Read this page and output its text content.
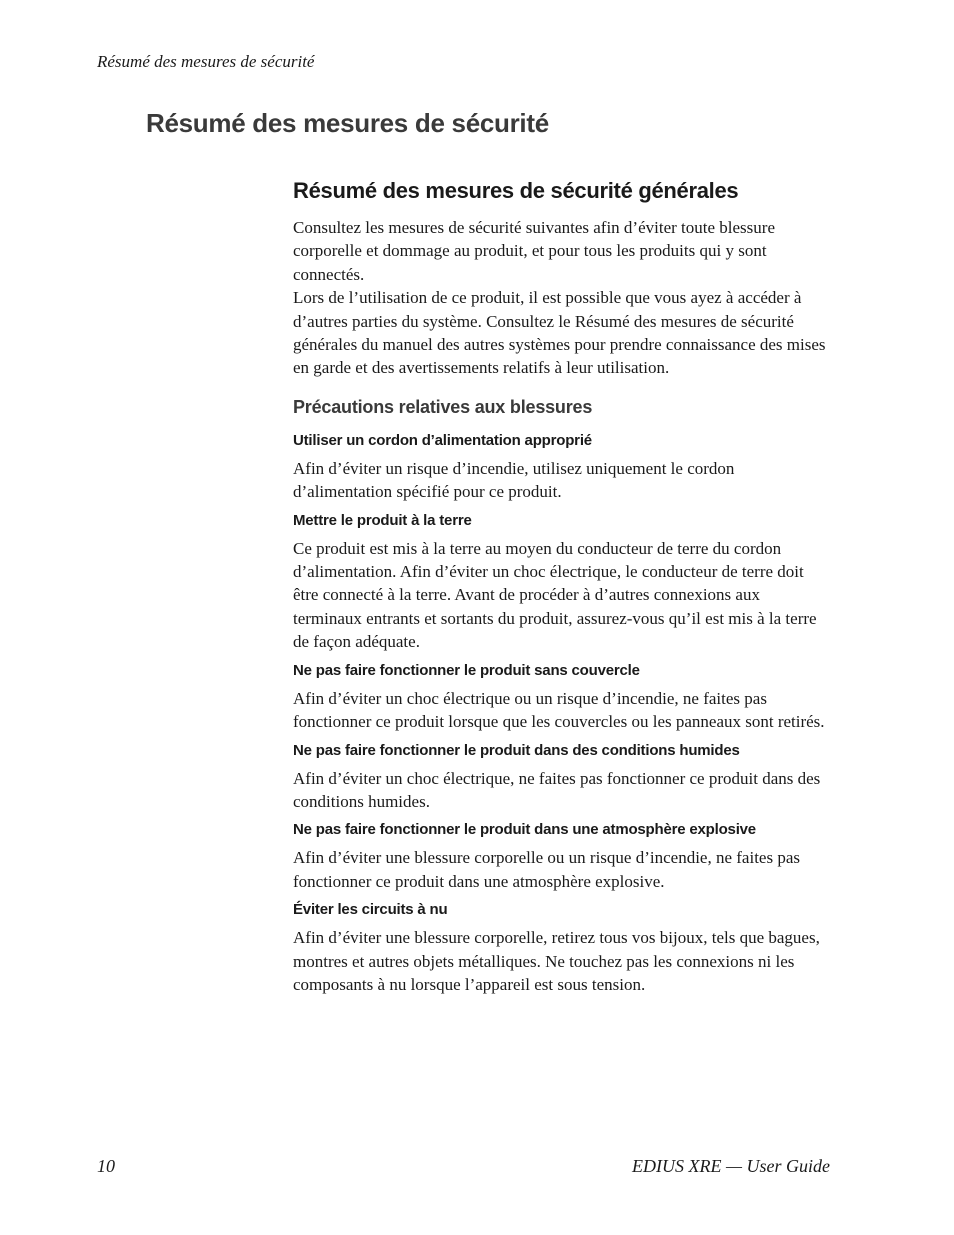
Résumé des mesures de sécurité
Résumé des mesures de sécurité
Résumé des mesures de sécurité générales

Consultez les mesures de sécurité suivantes afin d’éviter toute blessure corporelle et dommage au produit, et pour tous les produits qui y sont connectés.

Lors de l’utilisation de ce produit, il est possible que vous ayez à accéder à d’autres parties du système. Consultez le Résumé des mesures de sécurité générales du manuel des autres systèmes pour prendre connaissance des mises en garde et des avertissements relatifs à leur utilisation.

Précautions relatives aux blessures
Utiliser un cordon d’alimentation approprié

Afin d’éviter un risque d’incendie, utilisez uniquement le cordon d’alimentation spécifié pour ce produit.

Mettre le produit à la terre

Ce produit est mis à la terre au moyen du conducteur de terre du cordon d’alimentation. Afin d’éviter un choc électrique, le conducteur de terre doit être connecté à la terre. Avant de procéder à d’autres connexions aux terminaux entrants et sortants du produit, assurez-vous qu’il est mis à la terre de façon adéquate.

Ne pas faire fonctionner le produit sans couvercle

Afin d’éviter un choc électrique ou un risque d’incendie, ne faites pas fonctionner ce produit lorsque que les couvercles ou les panneaux sont retirés.

Ne pas faire fonctionner le produit dans des conditions humides

Afin d’éviter un choc électrique, ne faites pas fonctionner ce produit dans des conditions humides.

Ne pas faire fonctionner le produit dans une atmosphère explosive

Afin d’éviter une blessure corporelle ou un risque d’incendie, ne faites pas fonctionner ce produit dans une atmosphère explosive.

Éviter les circuits à nu

Afin d’éviter une blessure corporelle, retirez tous vos bijoux, tels que bagues, montres et autres objets métalliques. Ne touchez pas les connexions ni les composants à nu lorsque l’appareil est sous tension.

10	EDIUS XRE — User Guide
